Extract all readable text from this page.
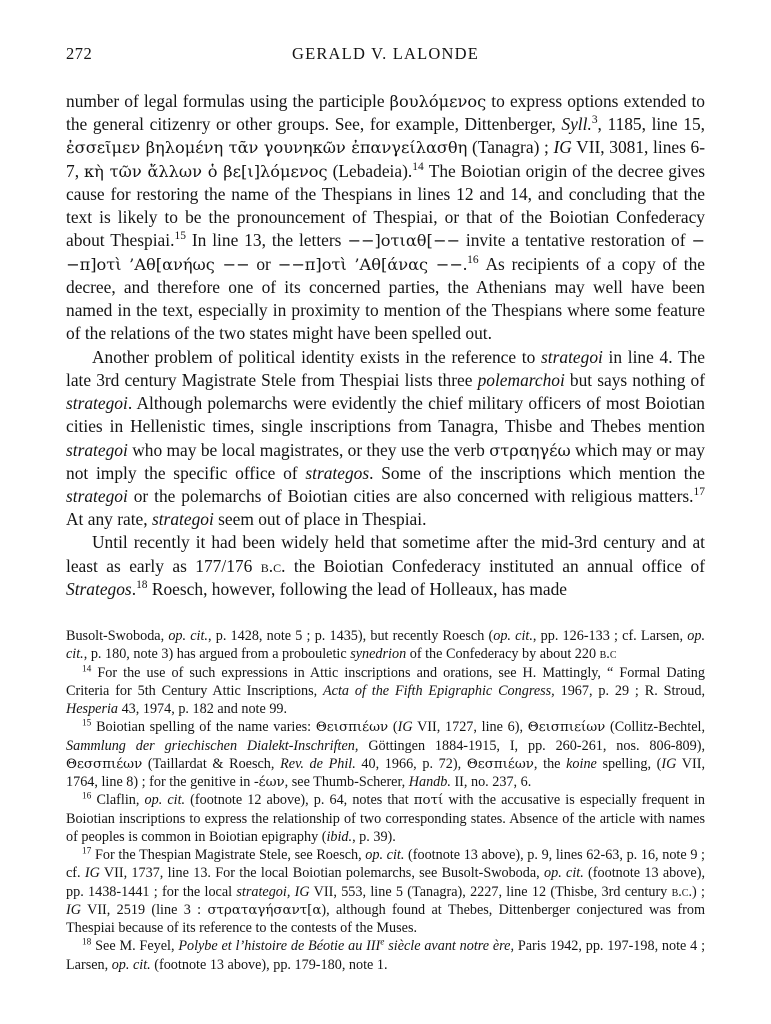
272	GERALD V. LALONDE

number of legal formulas using the participle βουλόμενος to express options extended to the general citizenry or other groups. See, for example, Dittenberger, Syll.$^3$, 1185, line 15, ἐσσεῖμεν βηλομένη τᾶν γουνηκῶν ἐπανγείλασθη (Tanagra) ; IG VII, 3081, lines 6-7, κὴ τῶν ἄλλων ὁ βε[ι]λόμενος (Lebadeia).$^{14}$ The Boiotian origin of the decree gives cause for restoring the name of the Thespians in lines 12 and 14, and concluding that the text is likely to be the pronouncement of Thespiai, or that of the Boiotian Confederacy about Thespiai.$^{15}$ In line 13, the letters −−]οτιαθ[−− invite a tentative restoration of −−π]οτὶ ’Αθ[ανήως −− or −−π]οτὶ ’Αθ[άνας −−.$^{16}$ As recipients of a copy of the decree, and therefore one of its concerned parties, the Athenians may well have been named in the text, especially in proximity to mention of the Thespians where some feature of the relations of the two states might have been spelled out.

Another problem of political identity exists in the reference to strategoi in line 4. The late 3rd century Magistrate Stele from Thespiai lists three polemarchoi but says nothing of strategoi. Although polemarchs were evidently the chief military officers of most Boiotian cities in Hellenistic times, single inscriptions from Tanagra, Thisbe and Thebes mention strategoi who may be local magistrates, or they use the verb στραηγέω which may or may not imply the specific office of strategos. Some of the inscriptions which mention the strategoi or the polemarchs of Boiotian cities are also concerned with religious matters.$^{17}$ At any rate, strategoi seem out of place in Thespiai.

Until recently it had been widely held that sometime after the mid-3rd century and at least as early as 177/176 b.c. the Boiotian Confederacy instituted an annual office of Strategos.$^{18}$ Roesch, however, following the lead of Holleaux, has made

Busolt-Swoboda, op. cit., p. 1428, note 5 ; p. 1435), but recently Roesch (op. cit., pp. 126-133 ; cf. Larsen, op. cit., p. 180, note 3) has argued from a probouletic synedrion of the Confederacy by about 220 b.c

$^{14}$ For the use of such expressions in Attic inscriptions and orations, see H. Mattingly, “ Formal Dating Criteria for 5th Century Attic Inscriptions, Acta of the Fifth Epigraphic Congress, 1967, p. 29 ; R. Stroud, Hesperia 43, 1974, p. 182 and note 99.

$^{15}$ Boiotian spelling of the name varies: Θεισπιέων (IG VII, 1727, line 6), Θεισπιείων (Collitz-Bechtel, Sammlung der griechischen Dialekt-Inschriften, Göttingen 1884-1915, I, pp. 260-261, nos. 806-809), Θεσσπιέων (Taillardat & Roesch, Rev. de Phil. 40, 1966, p. 72), Θεσπιέων, the koine spelling, (IG VII, 1764, line 8) ; for the genitive in -έων, see Thumb-Scherer, Handb. II, no. 237, 6.

$^{16}$ Claflin, op. cit. (footnote 12 above), p. 64, notes that ποτί with the accusative is especially frequent in Boiotian inscriptions to express the relationship of two corresponding states. Absence of the article with names of peoples is common in Boiotian epigraphy (ibid., p. 39).

$^{17}$ For the Thespian Magistrate Stele, see Roesch, op. cit. (footnote 13 above), p. 9, lines 62-63, p. 16, note 9 ; cf. IG VII, 1737, line 13. For the local Boiotian polemarchs, see Busolt-Swoboda, op. cit. (footnote 13 above), pp. 1438-1441 ; for the local strategoi, IG VII, 553, line 5 (Tanagra), 2227, line 12 (Thisbe, 3rd century b.c.) ; IG VII, 2519 (line 3 : στραταγήσαντ[α), although found at Thebes, Dittenberger conjectured was from Thespiai because of its reference to the contests of the Muses.

$^{18}$ See M. Feyel, Polybe et l’histoire de Béotie au IIIe siècle avant notre ère, Paris 1942, pp. 197-198, note 4 ; Larsen, op. cit. (footnote 13 above), pp. 179-180, note 1.
